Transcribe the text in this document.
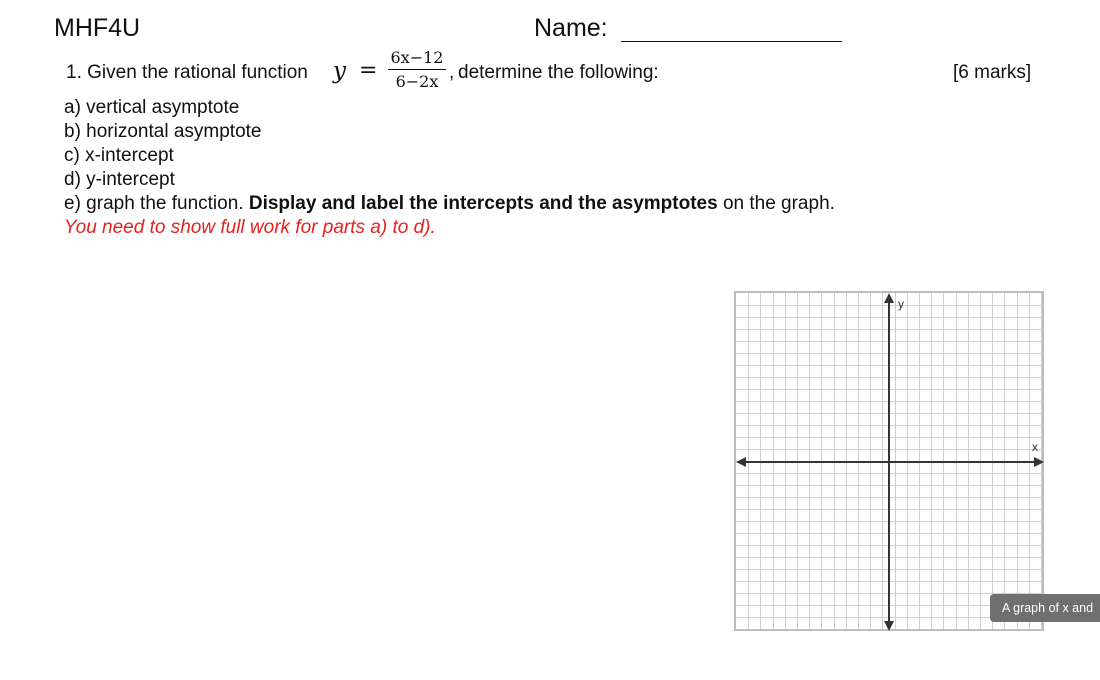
MHF4U	Name:
1. Given the rational function y =
6x−12
6−2x , determine the following:	[6 marks]
a) vertical asymptote
b) horizontal asymptote
c) x-intercept
d) y-intercept
e) graph the function. Display and label the intercepts and the asymptotes on the graph.
You need to show full work for parts a) to d).
y
x
A graph of x and
